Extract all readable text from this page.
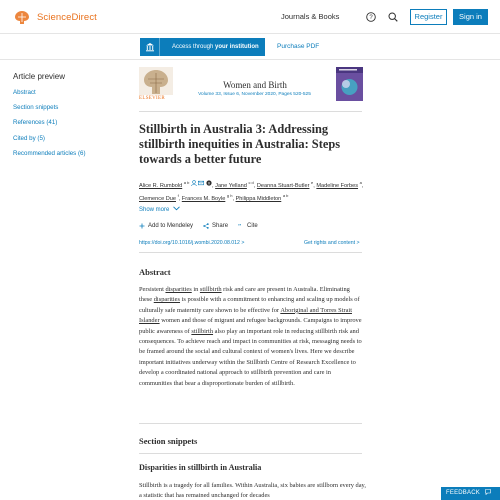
ScienceDirect	Journals & Books	?	Register	Sign in
Access through your institution	Purchase PDF
Article preview
Abstract
Section snippets
References (41)
Cited by (5)
Recommended articles (6)
ELSEVIER
Women and Birth
Volume 33, Issue 6, November 2020, Pages 520-525
Stillbirth in Australia 3: Addressing stillbirth inequities in Australia: Steps towards a better future
Alice R. Rumbold $^{a b}$   , Jane Yelland $^{c d}$, Deanna Stuart-Butler $^e$, Madeline Forbes $^a$, Clemence Due $^f$, Frances M. Boyle $^{g h}$, Philippa Middleton $^{a b}$
Show more
Add to Mendeley	Share ” Cite
https://doi.org/10.1016/j.wombi.2020.08.012 >	Get rights and content >
Abstract

Persistent disparities in stillbirth risk and care are present in Australia. Eliminating these disparities is possible with a commitment to enhancing and scaling up models of culturally safe maternity care shown to be effective for Aboriginal and Torres Strait Islander women and those of migrant and refugee backgrounds. Campaigns to improve public awareness of stillbirth also play an important role in reducing stillbirth risk and consequences. To achieve reach and impact in communities at risk, messaging needs to be framed around the social and cultural context of women's lives. Here we describe important initiatives underway within the Stillbirth Centre of Research Excellence to develop a coordinated national approach to stillbirth prevention and care in communities that bear a disproportionate burden of stillbirth.

Section snippets
Disparities in stillbirth in Australia

Stillbirth is a tragedy for all families. Within Australia, six babies are stillborn every day, a statistic that has remained unchanged for decades	FEEDBACK
